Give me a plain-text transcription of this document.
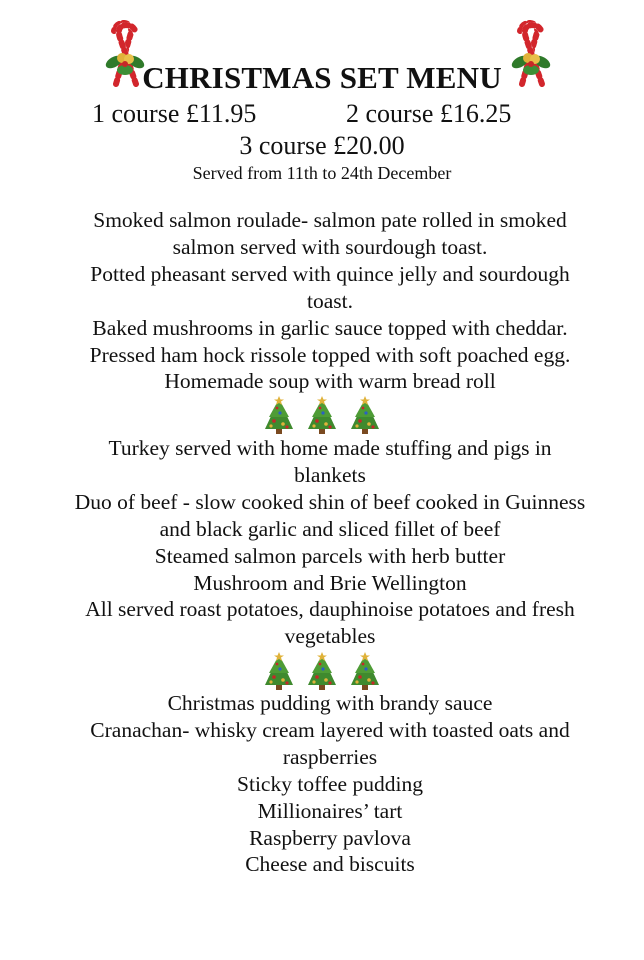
CHRISTMAS SET MENU
1 course £11.95	2 course £16.25
3 course £20.00
Served from 11th to 24th December
Smoked salmon roulade- salmon pate rolled in smoked salmon served with sourdough toast.
Potted pheasant served with quince jelly and sourdough toast.
Baked mushrooms in garlic sauce topped with cheddar.
Pressed ham hock rissole topped with soft poached egg.
Homemade soup with warm bread roll
Turkey served with home made stuffing and pigs in blankets
Duo of beef - slow cooked shin of beef cooked in Guinness and black garlic and sliced fillet of beef
Steamed salmon parcels with herb butter
Mushroom and Brie Wellington
All served roast potatoes, dauphinoise potatoes and fresh vegetables
Christmas pudding with brandy sauce
Cranachan- whisky cream layered with toasted oats and raspberries
Sticky toffee pudding
Millionaires’ tart
Raspberry pavlova
Cheese and biscuits
